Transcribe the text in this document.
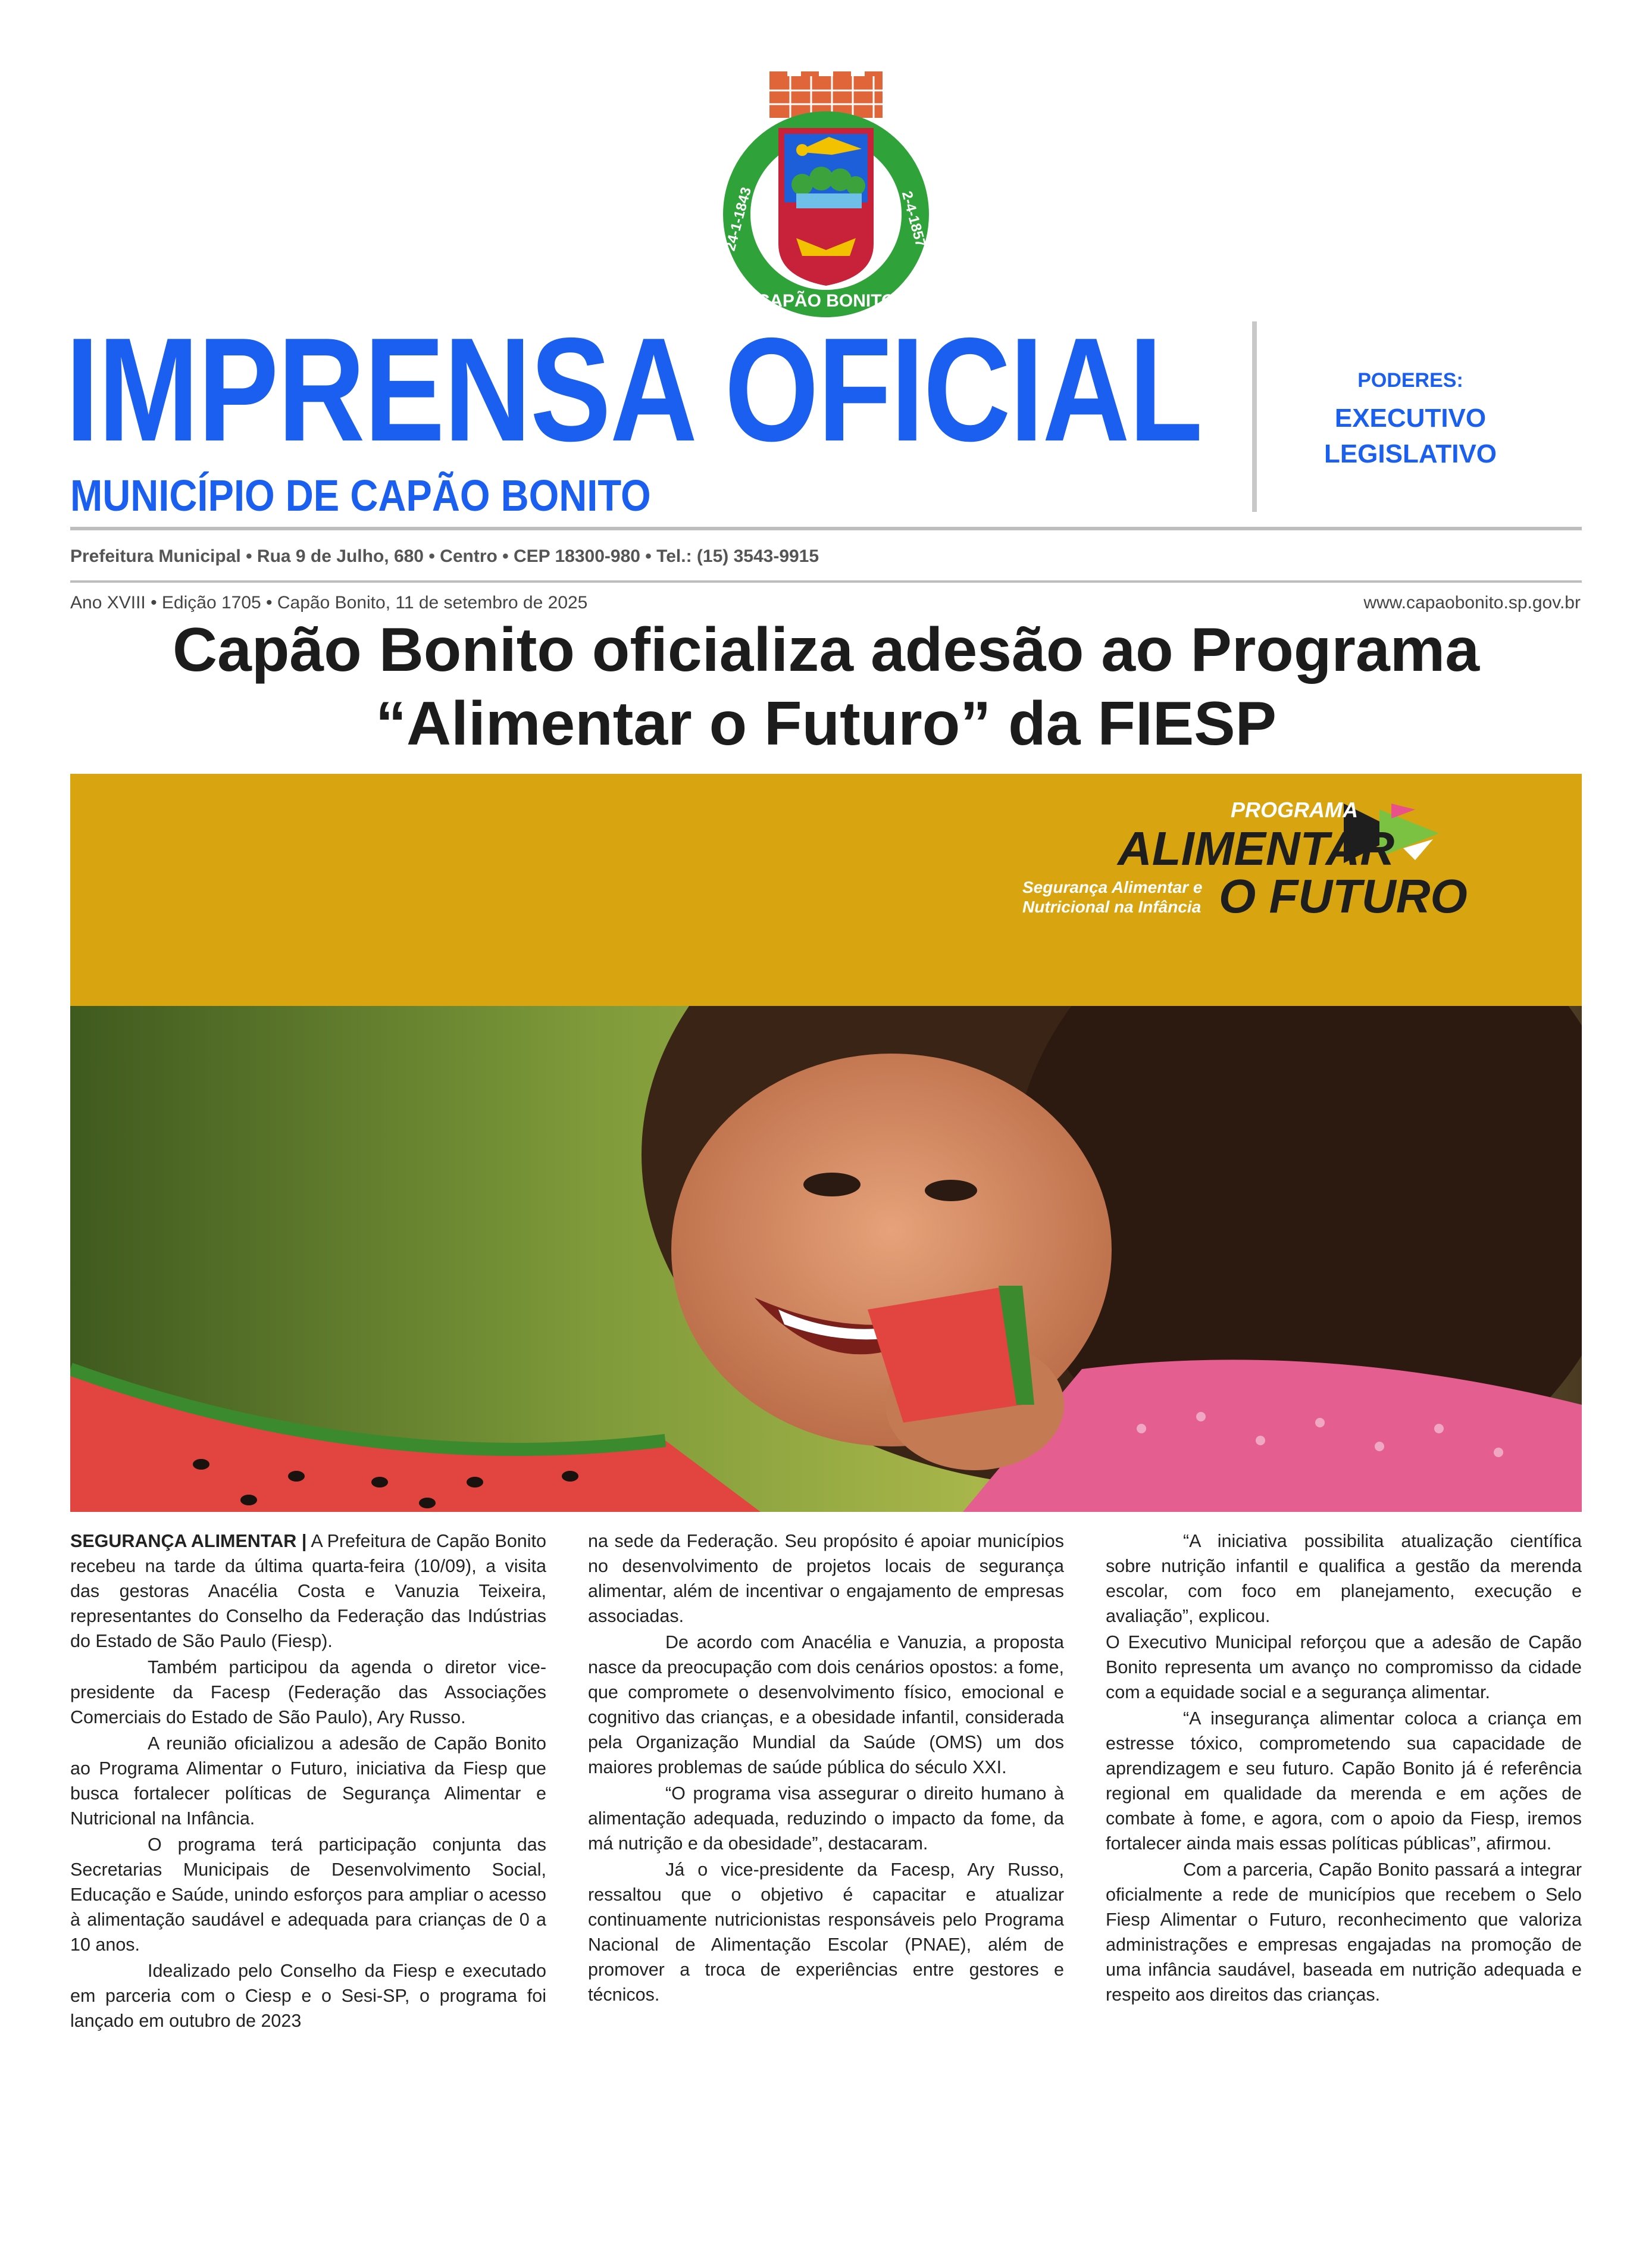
CAPÃO BONITO
24-1-1843	2-4-1857
IMPRENSA OFICIAL
MUNICÍPIO DE CAPÃO BONITO
PODERES:
EXECUTIVO
LEGISLATIVO
Prefeitura Municipal • Rua 9 de Julho, 680 • Centro • CEP 18300-980 • Tel.: (15) 3543-9915
Ano XVIII • Edição 1705 • Capão Bonito, 11 de setembro de 2025	www.capaobonito.sp.gov.br
Capão Bonito oficializa adesão ao Programa
“Alimentar o Futuro” da FIESP
PROGRAMA
ALIMENTAR
Segurança Alimentar e
Nutricional na Infância O FUTURO

SEGURANÇA ALIMENTAR | A Prefeitura de Capão Bonito recebeu na tarde da última quarta-feira (10/09), a visita das gestoras Anacélia Costa e Vanuzia Teixeira, representantes do Conselho da Federação das Indústrias do Estado de São Paulo (Fiesp).

Também participou da agenda o diretor vice-presidente da Facesp (Federação das Associações Comerciais do Estado de São Paulo), Ary Russo.

A reunião oficializou a adesão de Capão Bonito ao Programa Alimentar o Futuro, iniciativa da Fiesp que busca fortalecer políticas de Segurança Alimentar e Nutricional na Infância.

O programa terá participação conjunta das Secretarias Municipais de Desenvolvimento Social, Educação e Saúde, unindo esforços para ampliar o acesso à alimentação saudável e adequada para crianças de 0 a 10 anos.

Idealizado pelo Conselho da Fiesp e executado em parceria com o Ciesp e o Sesi-SP, o programa foi lançado em outubro de 2023

na sede da Federação. Seu propósito é apoiar municípios no desenvolvimento de projetos locais de segurança alimentar, além de incentivar o engajamento de empresas associadas.

De acordo com Anacélia e Vanuzia, a proposta nasce da preocupação com dois cenários opostos: a fome, que compromete o desenvolvimento físico, emocional e cognitivo das crianças, e a obesidade infantil, considerada pela Organização Mundial da Saúde (OMS) um dos maiores problemas de saúde pública do século XXI.

“O programa visa assegurar o direito humano à alimentação adequada, reduzindo o impacto da fome, da má nutrição e da obesidade”, destacaram.

Já o vice-presidente da Facesp, Ary Russo, ressaltou que o objetivo é capacitar e atualizar continuamente nutricionistas responsáveis pelo Programa Nacional de Alimentação Escolar (PNAE), além de promover a troca de experiências entre gestores e técnicos.

“A iniciativa possibilita atualização científica sobre nutrição infantil e qualifica a gestão da merenda escolar, com foco em planejamento, execução e avaliação”, explicou.

O Executivo Municipal reforçou que a adesão de Capão Bonito representa um avanço no compromisso da cidade com a equidade social e a segurança alimentar.

“A insegurança alimentar coloca a criança em estresse tóxico, comprometendo sua capacidade de aprendizagem e seu futuro. Capão Bonito já é referência regional em qualidade da merenda e em ações de combate à fome, e agora, com o apoio da Fiesp, iremos fortalecer ainda mais essas políticas públicas”, afirmou.

Com a parceria, Capão Bonito passará a integrar oficialmente a rede de municípios que recebem o Selo Fiesp Alimentar o Futuro, reconhecimento que valoriza administrações e empresas engajadas na promoção de uma infância saudável, baseada em nutrição adequada e respeito aos direitos das crianças.
